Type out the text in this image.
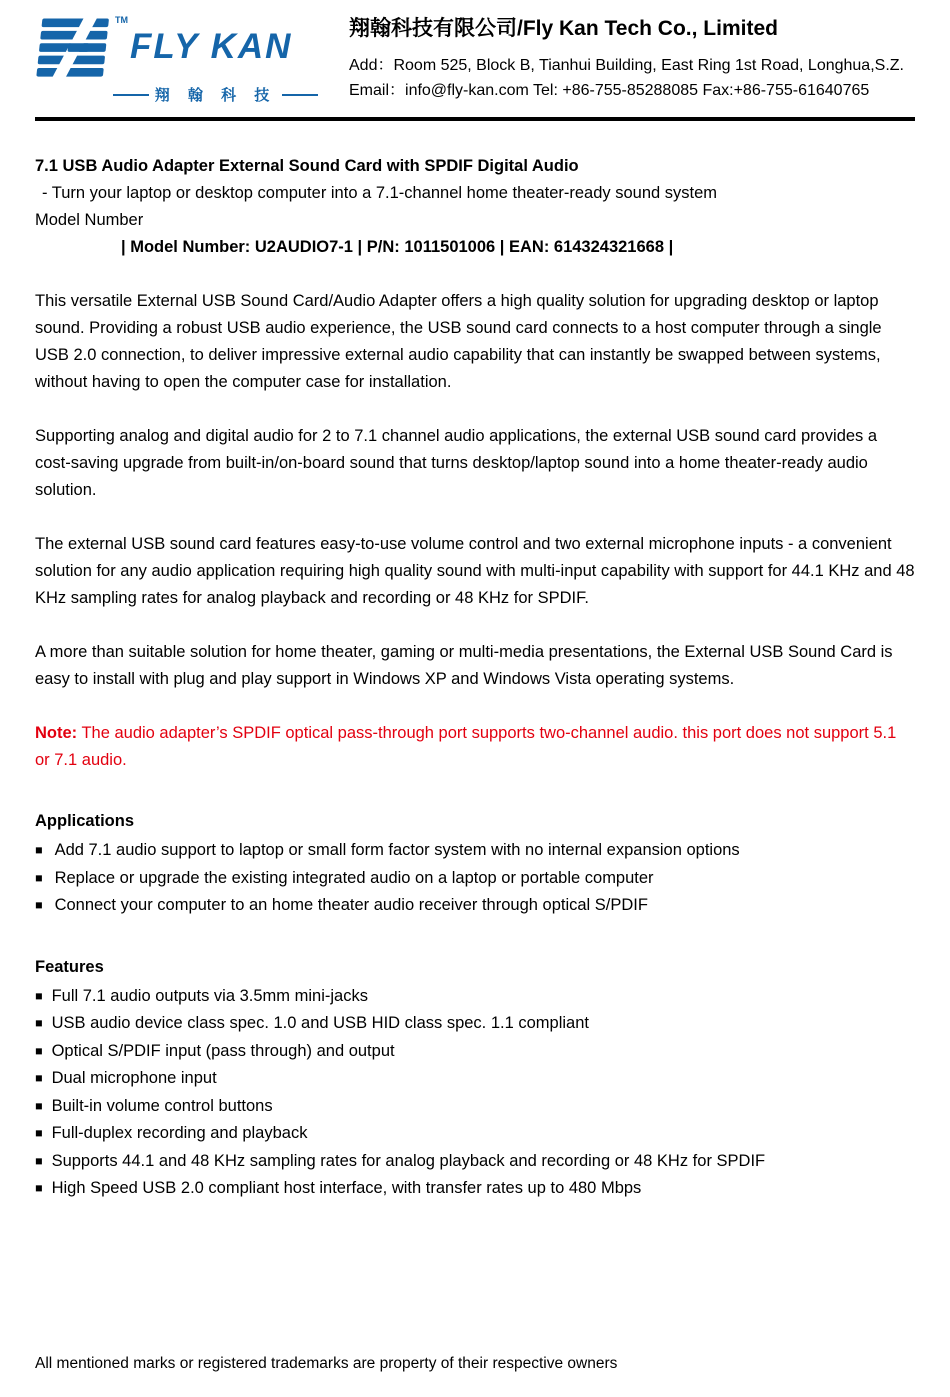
TM
FLY KAN
翔 翰 科 技
翔翰科技有限公司/Fly Kan Tech Co., Limited
Add：Room 525, Block B, Tianhui Building, East Ring 1st Road, Longhua,S.Z.
Email：info@fly-kan.com Tel: +86-755-85288085 Fax:+86-755-61640765
7.1 USB Audio Adapter External Sound Card with SPDIF Digital Audio
- Turn your laptop or desktop computer into a 7.1-channel home theater-ready sound system
Model Number
| Model Number: U2AUDIO7-1 | P/N: 1011501006 | EAN: 614324321668 |

This versatile External USB Sound Card/Audio Adapter offers a high quality solution for upgrading desktop or laptop sound. Providing a robust USB audio experience, the USB sound card connects to a host computer through a single USB 2.0 connection, to deliver impressive external audio capability that can instantly be swapped between systems, without having to open the computer case for installation.

Supporting analog and digital audio for 2 to 7.1 channel audio applications, the external USB sound card provides a cost-saving upgrade from built-in/on-board sound that turns desktop/laptop sound into a home theater-ready audio solution.

The external USB sound card features easy-to-use volume control and two external microphone inputs - a convenient solution for any audio application requiring high quality sound with multi-input capability with support for 44.1 KHz and 48 KHz sampling rates for analog playback and recording or 48 KHz for SPDIF.

A more than suitable solution for home theater, gaming or multi-media presentations, the External USB Sound Card is easy to install with plug and play support in Windows XP and Windows Vista operating systems.

Note: The audio adapter’s SPDIF optical pass-through port supports two-channel audio. this port does not support 5.1 or 7.1 audio.

Applications
■ Add 7.1 audio support to laptop or small form factor system with no internal expansion options
■ Replace or upgrade the existing integrated audio on a laptop or portable computer
■ Connect your computer to an home theater audio receiver through optical S/PDIF
Features
■ Full 7.1 audio outputs via 3.5mm mini-jacks
■ USB audio device class spec. 1.0 and USB HID class spec. 1.1 compliant
■ Optical S/PDIF input (pass through) and output
■ Dual microphone input
■ Built-in volume control buttons
■ Full-duplex recording and playback
■ Supports 44.1 and 48 KHz sampling rates for analog playback and recording or 48 KHz for SPDIF
■ High Speed USB 2.0 compliant host interface, with transfer rates up to 480 Mbps
All mentioned marks or registered trademarks are property of their respective owners
